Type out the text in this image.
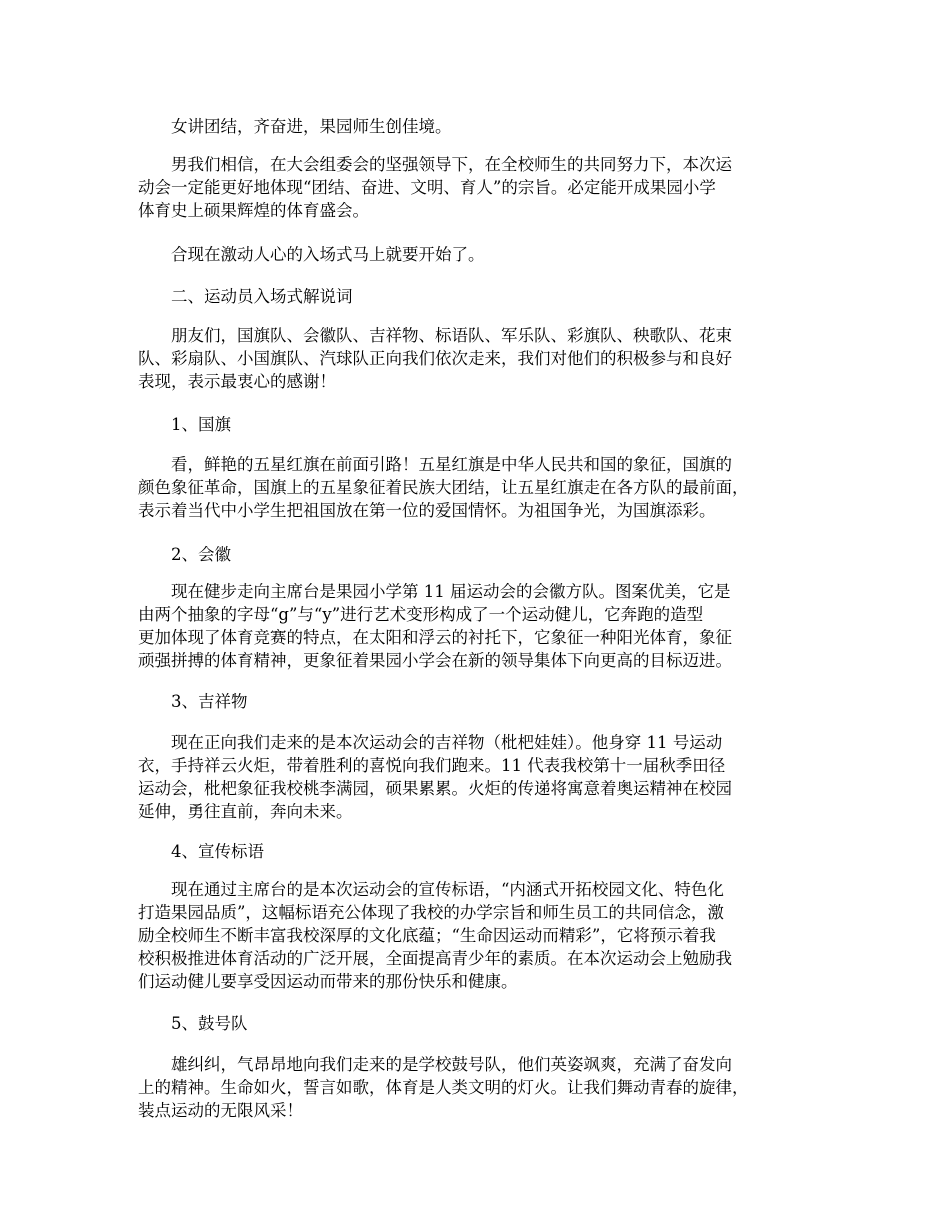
　　女讲团结，齐奋进，果园师生创佳境。
　　男我们相信，在大会组委会的坚强领导下，在全校师生的共同努力下，本次运
动会一定能更好地体现“团结、奋进、文明、育人”的宗旨。必定能开成果园小学
体育史上硕果辉煌的体育盛会。
　　合现在激动人心的入场式马上就要开始了。
　　二、运动员入场式解说词
　　朋友们，国旗队、会徽队、吉祥物、标语队、军乐队、彩旗队、秧歌队、花束
队、彩扇队、小国旗队、汽球队正向我们依次走来，我们对他们的积极参与和良好
表现，表示最衷心的感谢！
　　1、国旗
　　看，鲜艳的五星红旗在前面引路！五星红旗是中华人民共和国的象征，国旗的
颜色象征革命，国旗上的五星象征着民族大团结，让五星红旗走在各方队的最前面，
表示着当代中小学生把祖国放在第一位的爱国情怀。为祖国争光，为国旗添彩。
　　2、会徽
　　现在健步走向主席台是果园小学第 11 届运动会的会徽方队。图案优美，它是
由两个抽象的字母“g”与“y”进行艺术变形构成了一个运动健儿，它奔跑的造型
更加体现了体育竞赛的特点，在太阳和浮云的衬托下，它象征一种阳光体育，象征
顽强拼搏的体育精神，更象征着果园小学会在新的领导集体下向更高的目标迈进。
　　3、吉祥物
　　现在正向我们走来的是本次运动会的吉祥物（枇杷娃娃）。他身穿 11 号运动
衣，手持祥云火炬，带着胜利的喜悦向我们跑来。11 代表我校第十一届秋季田径
运动会，枇杷象征我校桃李满园，硕果累累。火炬的传递将寓意着奥运精神在校园
延伸，勇往直前，奔向未来。
　　4、宣传标语
　　现在通过主席台的是本次运动会的宣传标语，“内涵式开拓校园文化、特色化
打造果园品质”，这幅标语充公体现了我校的办学宗旨和师生员工的共同信念，激
励全校师生不断丰富我校深厚的文化底蕴；“生命因运动而精彩”，它将预示着我
校积极推进体育活动的广泛开展，全面提高青少年的素质。在本次运动会上勉励我
们运动健儿要享受因运动而带来的那份快乐和健康。
　　5、鼓号队
　　雄纠纠，气昂昂地向我们走来的是学校鼓号队，他们英姿飒爽，充满了奋发向
上的精神。生命如火，誓言如歌，体育是人类文明的灯火。让我们舞动青春的旋律，
装点运动的无限风采！
